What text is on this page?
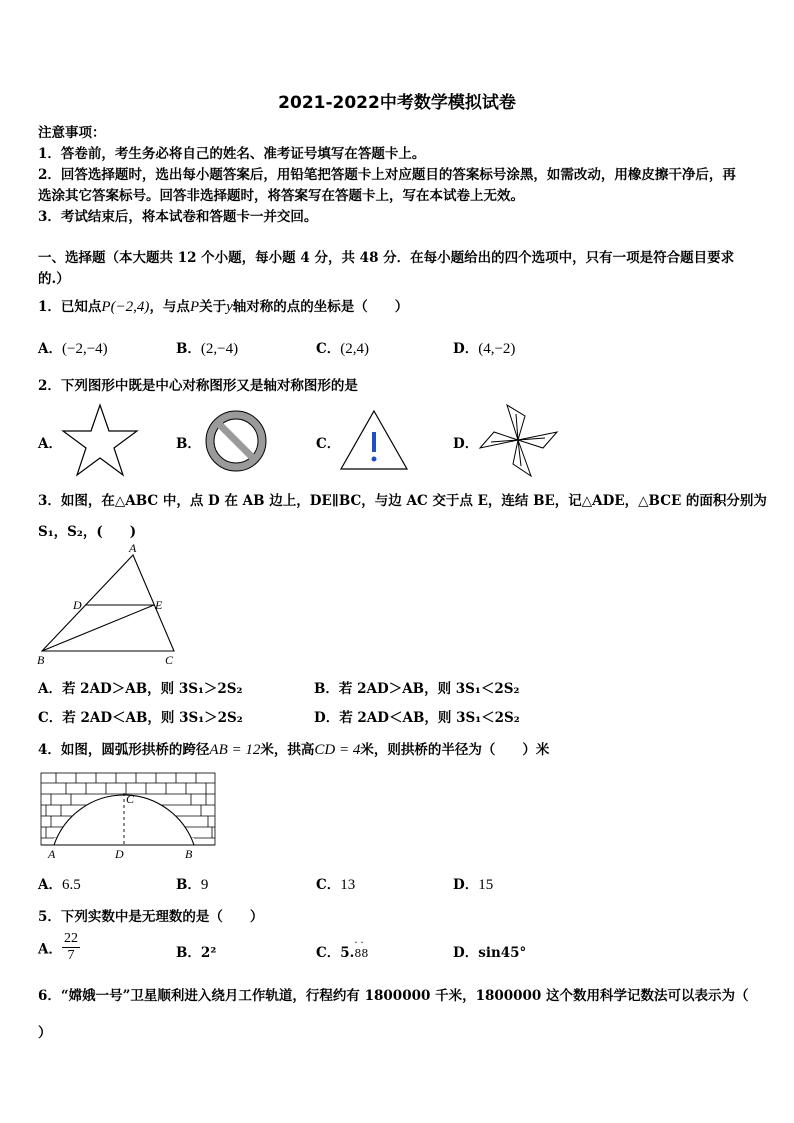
2021-2022中考数学模拟试卷
注意事项：
1．答卷前，考生务必将自己的姓名、准考证号填写在答题卡上。
2．回答选择题时，选出每小题答案后，用铅笔把答题卡上对应题目的答案标号涂黑，如需改动，用橡皮擦干净后，再
选涂其它答案标号。回答非选择题时，将答案写在答题卡上，写在本试卷上无效。
3．考试结束后，将本试卷和答题卡一并交回。
一、选择题（本大题共 12 个小题，每小题 4 分，共 48 分．在每小题给出的四个选项中，只有一项是符合题目要求
的.）
1．已知点P(−2,4)，与点P关于y轴对称的点的坐标是（　　）
A．(−2,−4)	B．(2,−4)	C．(2,4)	D．(4,−2)
2．下列图形中既是中心对称图形又是轴对称图形的是
A．	B．	C．	D．
3．如图，在△ABC 中，点 D 在 AB 边上，DE∥BC，与边 AC 交于点 E，连结 BE，记△ADE，△BCE 的面积分别为
S₁，S₂，(　　)
A
B	C
D	E
A．若 2AD＞AB，则 3S₁＞2S₂	B．若 2AD＞AB，则 3S₁＜2S₂
C．若 2AD＜AB，则 3S₁＞2S₂	D．若 2AD＜AB，则 3S₁＜2S₂
4．如图，圆弧形拱桥的跨径AB = 12米，拱高CD = 4米，则拱桥的半径为（　　）米
C
A	D	B
A．6.5	B．9	C．13	D．15
5．下列实数中是无理数的是（　　）
A． $\frac{22}{7}$	B．2²	C．5.
··
88	D．sin45°
6．“嫦娥一号”卫星顺利进入绕月工作轨道，行程约有 1800000 千米，1800000 这个数用科学记数法可以表示为（
）
